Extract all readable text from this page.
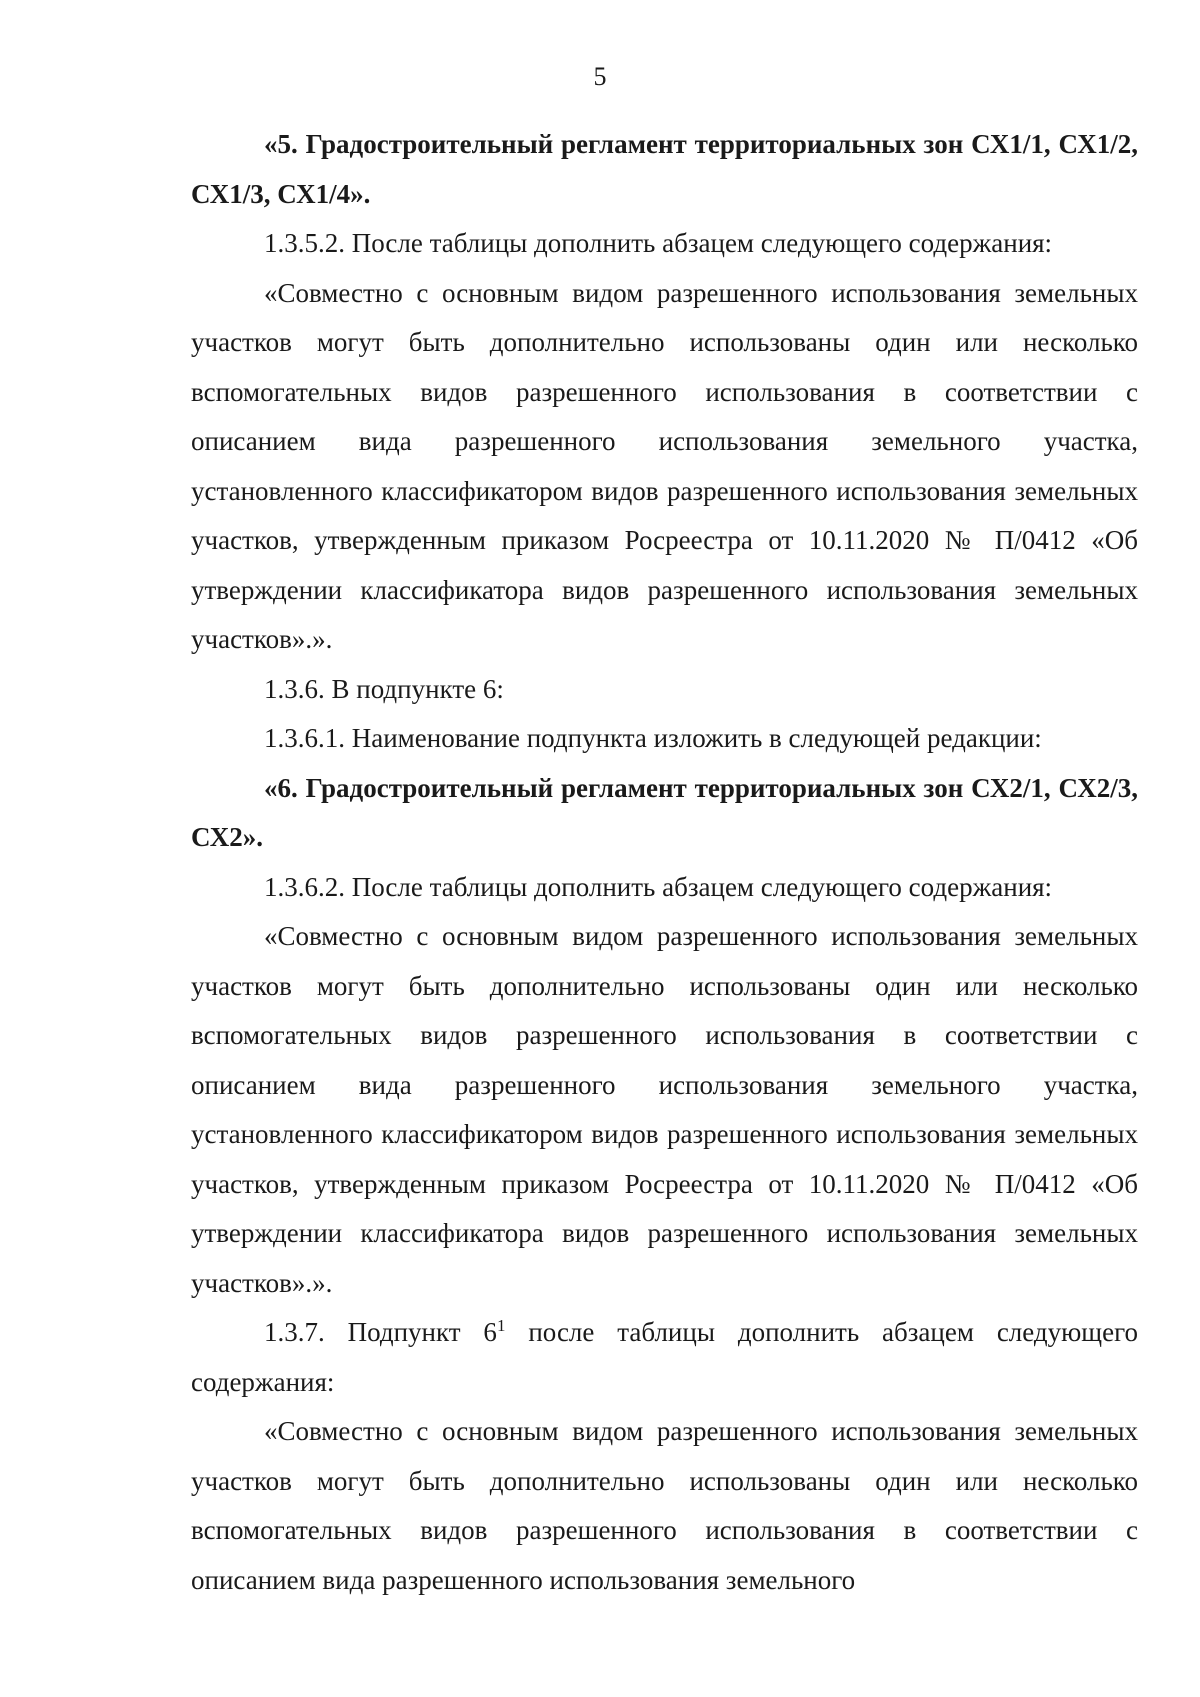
5

«5. Градостроительный регламент территориальных зон СХ1/1, СХ1/2, СХ1/3, СХ1/4».

1.3.5.2. После таблицы дополнить абзацем следующего содержания:

«Совместно с основным видом разрешенного использования земельных участков могут быть дополнительно использованы один или несколько вспомогательных видов разрешенного использования в соответствии с описанием вида разрешенного использования земельного участка, установленного классификатором видов разрешенного использования земельных участков, утвержденным приказом Росреестра от 10.11.2020 № П/0412 «Об утверждении классификатора видов разрешенного использования земельных участков».».

1.3.6. В подпункте 6:

1.3.6.1. Наименование подпункта изложить в следующей редакции:

«6. Градостроительный регламент территориальных зон СХ2/1, СХ2/3, СХ2».

1.3.6.2. После таблицы дополнить абзацем следующего содержания:

«Совместно с основным видом разрешенного использования земельных участков могут быть дополнительно использованы один или несколько вспомогательных видов разрешенного использования в соответствии с описанием вида разрешенного использования земельного участка, установленного классификатором видов разрешенного использования земельных участков, утвержденным приказом Росреестра от 10.11.2020 № П/0412 «Об утверждении классификатора видов разрешенного использования земельных участков».».

1.3.7. Подпункт $6^1$ после таблицы дополнить абзацем следующего содержания:

«Совместно с основным видом разрешенного использования земельных участков могут быть дополнительно использованы один или несколько вспомогательных видов разрешенного использования в соответствии с описанием вида разрешенного использования земельного
